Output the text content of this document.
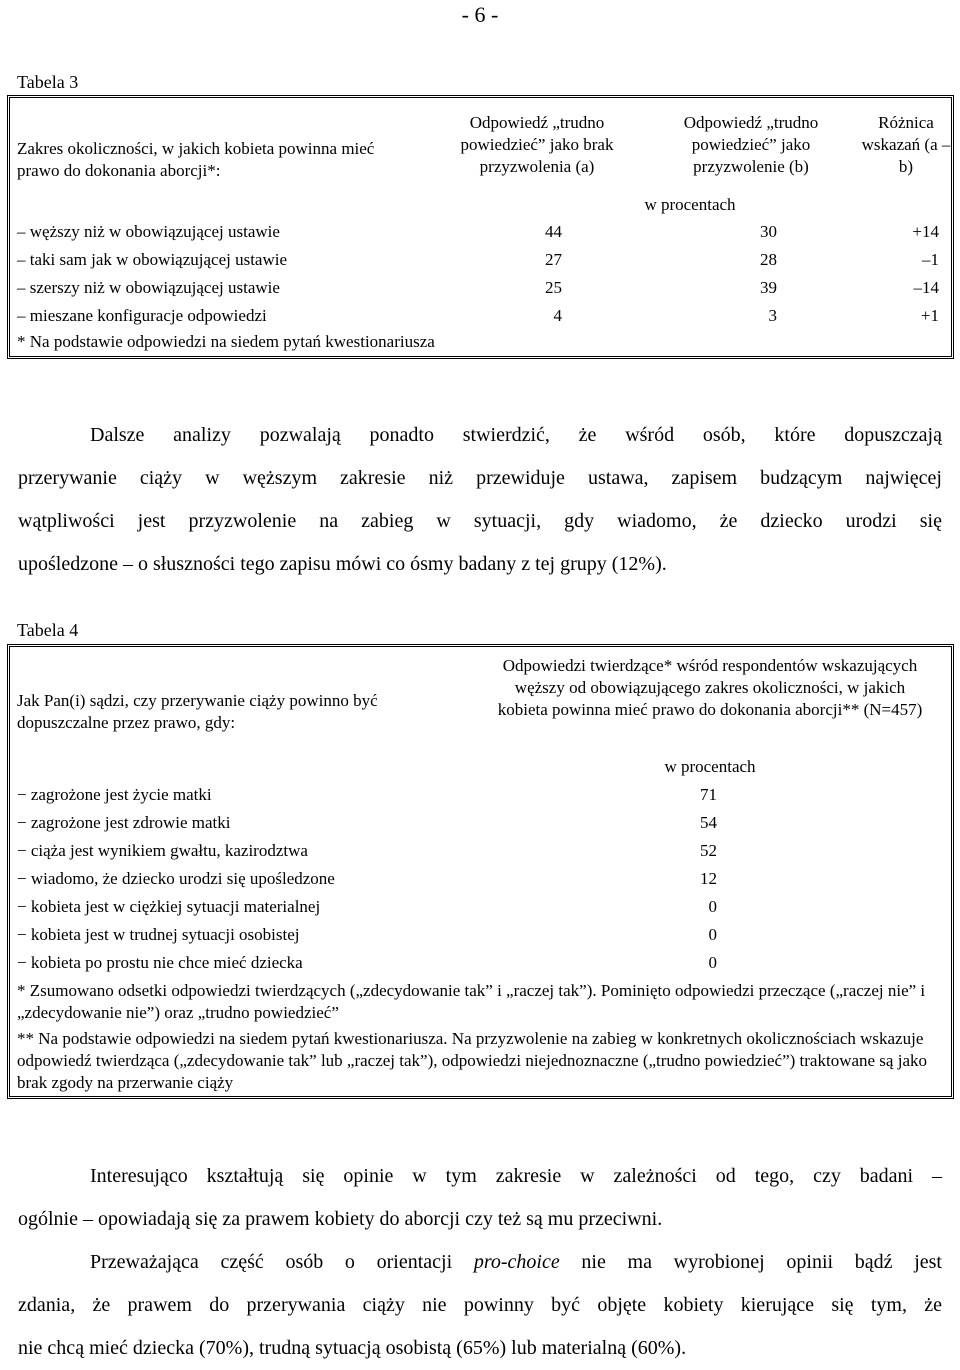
- 6 -
Tabela 3
Zakres okoliczności, w jakich kobieta powinna mieć prawo do dokonania aborcji*:
Odpowiedź „trudno powiedzieć” jako brak przyzwolenia (a)
Odpowiedź „trudno powiedzieć” jako przyzwolenie (b)
Różnica wskazań (a – b)
w procentach
– węższy niż w obowiązującej ustawie	44	30	+14
– taki sam jak w obowiązującej ustawie	27	28	–1
– szerszy niż w obowiązującej ustawie	25	39	–14
– mieszane konfiguracje odpowiedzi	4	3	+1
* Na podstawie odpowiedzi na siedem pytań kwestionariusza
Dalsze analizy pozwalają ponadto stwierdzić, że wśród osób, które dopuszczają
przerywanie ciąży w węższym zakresie niż przewiduje ustawa, zapisem budzącym najwięcej
wątpliwości jest przyzwolenie na zabieg w sytuacji, gdy wiadomo, że dziecko urodzi się
upośledzone – o słuszności tego zapisu mówi co ósmy badany z tej grupy (12%).
Tabela 4
Jak Pan(i) sądzi, czy przerywanie ciąży powinno być dopuszczalne przez prawo, gdy:
Odpowiedzi twierdzące* wśród respondentów wskazujących węższy od obowiązującego zakres okoliczności, w jakich kobieta powinna mieć prawo do dokonania aborcji** (N=457)
w procentach
− zagrożone jest życie matki	71
− zagrożone jest zdrowie matki	54
− ciąża jest wynikiem gwałtu, kazirodztwa	52
− wiadomo, że dziecko urodzi się upośledzone	12
− kobieta jest w ciężkiej sytuacji materialnej	0
− kobieta jest w trudnej sytuacji osobistej	0
− kobieta po prostu nie chce mieć dziecka	0
* Zsumowano odsetki odpowiedzi twierdzących („zdecydowanie tak” i „raczej tak”). Pominięto odpowiedzi przeczące („raczej nie” i „zdecydowanie nie”) oraz „trudno powiedzieć”
** Na podstawie odpowiedzi na siedem pytań kwestionariusza. Na przyzwolenie na zabieg w konkretnych okolicznościach wskazuje odpowiedź twierdząca („zdecydowanie tak” lub „raczej tak”), odpowiedzi niejednoznaczne („trudno powiedzieć”) traktowane są jako brak zgody na przerwanie ciąży
Interesująco kształtują się opinie w tym zakresie w zależności od tego, czy badani –
ogólnie – opowiadają się za prawem kobiety do aborcji czy też są mu przeciwni.
Przeważająca część osób o orientacji pro-choice nie ma wyrobionej opinii bądź jest
zdania, że prawem do przerywania ciąży nie powinny być objęte kobiety kierujące się tym, że
nie chcą mieć dziecka (70%), trudną sytuacją osobistą (65%) lub materialną (60%).
